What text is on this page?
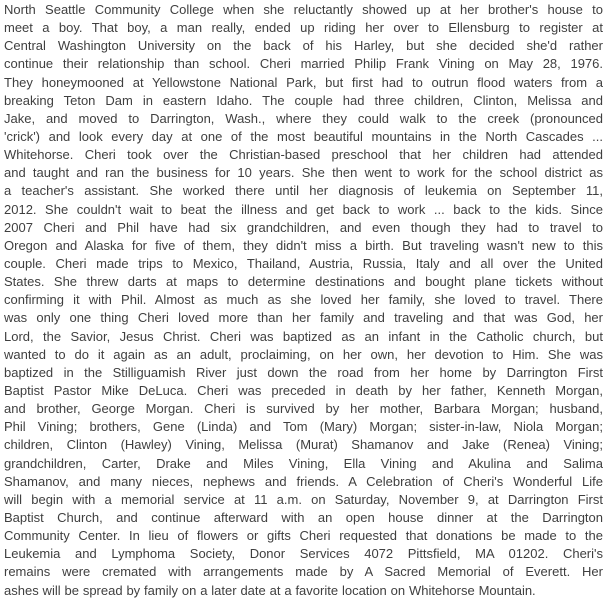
North Seattle Community College when she reluctantly showed up at her brother's house to
meet a boy. That boy, a man really, ended up riding her over to Ellensburg to register at
Central Washington University on the back of his Harley, but she decided she'd rather
continue their relationship than school. Cheri married Philip Frank Vining on May 28, 1976.
They honeymooned at Yellowstone National Park, but first had to outrun flood waters from a
breaking Teton Dam in eastern Idaho. The couple had three children, Clinton, Melissa and
Jake, and moved to Darrington, Wash., where they could walk to the creek (pronounced
'crick') and look every day at one of the most beautiful mountains in the North Cascades ...
Whitehorse. Cheri took over the Christian-based preschool that her children had attended
and taught and ran the business for 10 years. She then went to work for the school district as
a teacher's assistant. She worked there until her diagnosis of leukemia on September 11,
2012. She couldn't wait to beat the illness and get back to work ... back to the kids. Since
2007 Cheri and Phil have had six grandchildren, and even though they had to travel to
Oregon and Alaska for five of them, they didn't miss a birth. But traveling wasn't new to this
couple. Cheri made trips to Mexico, Thailand, Austria, Russia, Italy and all over the United
States. She threw darts at maps to determine destinations and bought plane tickets without
confirming it with Phil. Almost as much as she loved her family, she loved to travel. There
was only one thing Cheri loved more than her family and traveling and that was God, her
Lord, the Savior, Jesus Christ. Cheri was baptized as an infant in the Catholic church, but
wanted to do it again as an adult, proclaiming, on her own, her devotion to Him. She was
baptized in the Stilliguamish River just down the road from her home by Darrington First
Baptist Pastor Mike DeLuca. Cheri was preceded in death by her father, Kenneth Morgan,
and brother, George Morgan. Cheri is survived by her mother, Barbara Morgan; husband,
Phil Vining; brothers, Gene (Linda) and Tom (Mary) Morgan; sister-in-law, Niola Morgan;
children, Clinton (Hawley) Vining, Melissa (Murat) Shamanov and Jake (Renea) Vining;
grandchildren, Carter, Drake and Miles Vining, Ella Vining and Akulina and Salima
Shamanov, and many nieces, nephews and friends. A Celebration of Cheri's Wonderful Life
will begin with a memorial service at 11 a.m. on Saturday, November 9, at Darrington First
Baptist Church, and continue afterward with an open house dinner at the Darrington
Community Center. In lieu of flowers or gifts Cheri requested that donations be made to the
Leukemia and Lymphoma Society, Donor Services 4072 Pittsfield, MA 01202. Cheri's
remains were cremated with arrangements made by A Sacred Memorial of Everett. Her
ashes will be spread by family on a later date at a favorite location on Whitehorse Mountain.
